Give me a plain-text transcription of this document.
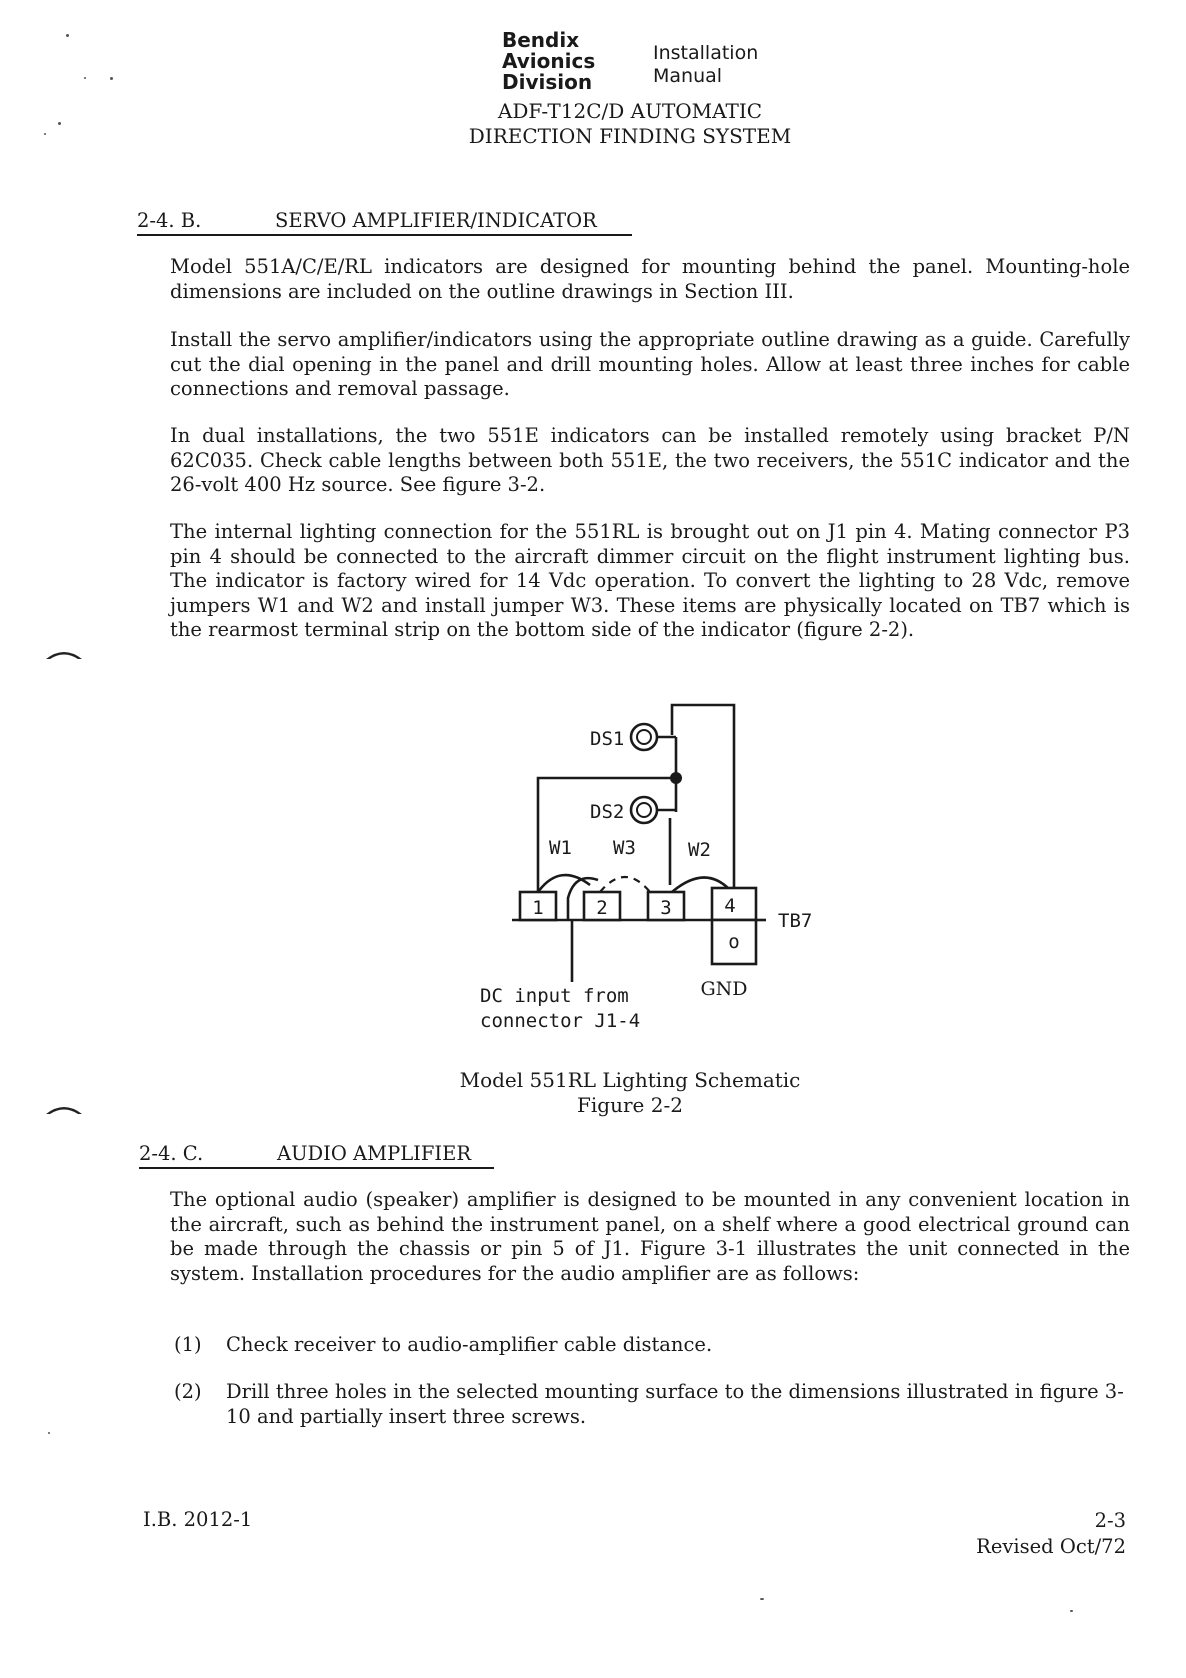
Bendix
Avionics
Division
Installation
Manual
ADF-T12C/D AUTOMATIC
DIRECTION FINDING SYSTEM
2-4. B.	SERVO AMPLIFIER/INDICATOR
Model 551A/C/E/RL indicators are designed for mounting behind the panel. Mounting-hole dimensions are included on the outline drawings in Section III.
Install the servo amplifier/indicators using the appropriate outline drawing as a guide. Carefully cut the dial opening in the panel and drill mounting holes. Allow at least three inches for cable connections and removal passage.
In dual installations, the two 551E indicators can be installed remotely using bracket P/N 62C035. Check cable lengths between both 551E, the two receivers, the 551C indicator and the 26-volt 400 Hz source. See figure 3-2.
The internal lighting connection for the 551RL is brought out on J1 pin 4. Mating connector P3 pin 4 should be connected to the aircraft dimmer circuit on the flight instrument lighting bus. The indicator is factory wired for 14 Vdc operation. To convert the lighting to 28 Vdc, remove jumpers W1 and W2 and install jumper W3. These items are physically located on TB7 which is the rearmost terminal strip on the bottom side of the indicator (figure 2-2).
DS1
DS2
W1 W3	W2
1	2	3	4
TB7
o
GND
DC input from
connector J1-4
Model 551RL Lighting Schematic
Figure 2-2
2-4. C.	AUDIO AMPLIFIER
The optional audio (speaker) amplifier is designed to be mounted in any convenient location in the aircraft, such as behind the instrument panel, on a shelf where a good electrical ground can be made through the chassis or pin 5 of J1. Figure 3-1 illustrates the unit connected in the system. Installation procedures for the audio amplifier are as follows:
(1) Check receiver to audio-amplifier cable distance.
(2) Drill three holes in the selected mounting surface to the dimensions illustrated in figure 3-10 and partially insert three screws.
I.B. 2012-1	2-3
Revised Oct/72
